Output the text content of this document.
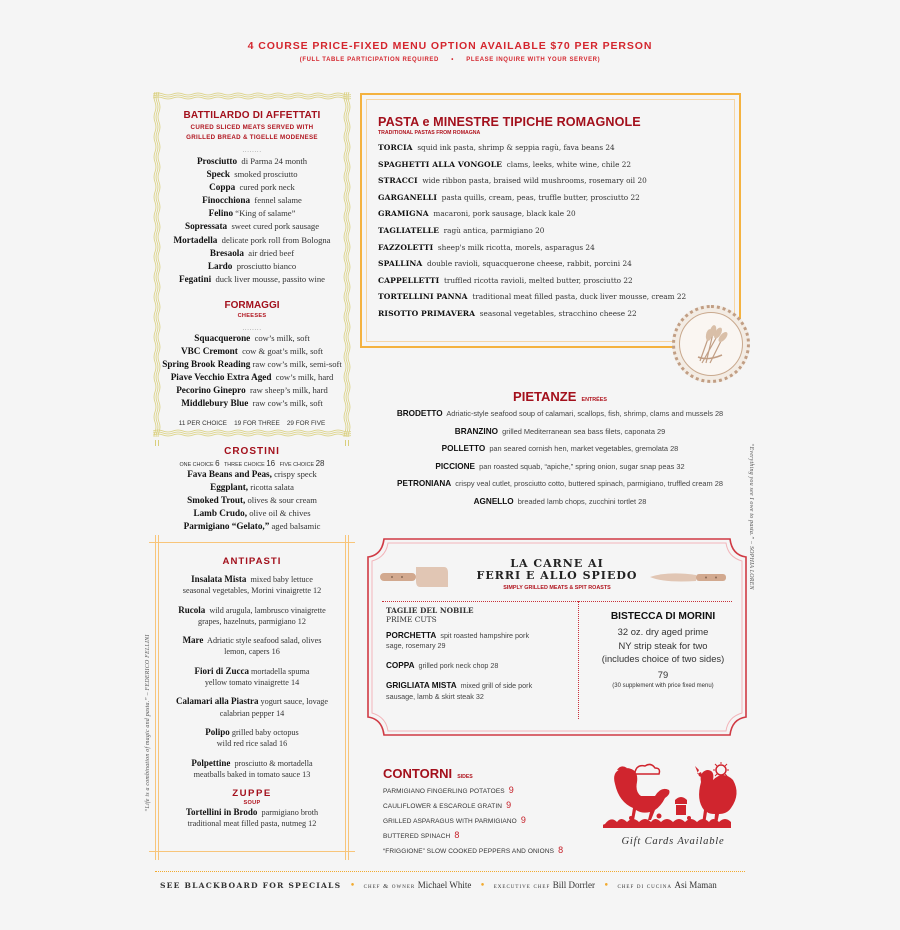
4 COURSE PRICE-FIXED MENU OPTION AVAILABLE $70 PER PERSON
(FULL TABLE PARTICIPATION REQUIRED • PLEASE INQUIRE WITH YOUR SERVER)
BATTILARDO DI AFFETTATI
CURED SLICED MEATS SERVED WITH
GRILLED BREAD & TIGELLE MODENESE
........
Prosciutto di Parma 24 month
Speck smoked prosciutto
Coppa cured pork neck
Finocchiona fennel salame
Felino “King of salame”
Sopressata sweet cured pork sausage
Mortadella delicate pork roll from Bologna
Bresaola air dried beef
Lardo prosciutto bianco
Fegatini duck liver mousse, passito wine
FORMAGGI
CHEESES
........
Squacquerone cow’s milk, soft
VBC Cremont cow & goat’s milk, soft
Spring Brook Reading raw cow’s milk, semi-soft
Piave Vecchio Extra Aged cow’s milk, hard
Pecorino Ginepro raw sheep’s milk, hard
Middlebury Blue raw cow’s milk, soft
11 PER CHOICE 19 FOR THREE 29 FOR FIVE
CROSTINI
ONE CHOICE 6 THREE CHOICE 16 FIVE CHOICE 28
Fava Beans and Peas, crispy speck
Eggplant, ricotta salata
Smoked Trout, olives & sour cream
Lamb Crudo, olive oil & chives
Parmigiano “Gelato,” aged balsamic
PASTA e MINESTRE TIPICHE ROMAGNOLE
TRADITIONAL PASTAS FROM ROMAGNA
TORCIA squid ink pasta, shrimp & seppia ragù, fava beans 24
SPAGHETTI ALLA VONGOLE clams, leeks, white wine, chile 22
STRACCI wide ribbon pasta, braised wild mushrooms, rosemary oil 20
GARGANELLI pasta quills, cream, peas, truffle butter, prosciutto 22
GRAMIGNA macaroni, pork sausage, black kale 20
TAGLIATELLE ragù antica, parmigiano 20
FAZZOLETTI sheep's milk ricotta, morels, asparagus 24
SPALLINA double ravioli, squacquerone cheese, rabbit, porcini 24
CAPPELLETTI truffled ricotta ravioli, melted butter, prosciutto 22
TORTELLINI PANNA traditional meat filled pasta, duck liver mousse, cream 22
RISOTTO PRIMAVERA seasonal vegetables, stracchino cheese 22
PIETANZE ENTRÉES
BRODETTO Adriatic-style seafood soup of calamari, scallops, fish, shrimp, clams and mussels 28
BRANZINO grilled Mediterranean sea bass filets, caponata 29
POLLETTO pan seared cornish hen, market vegetables, gremolata 28
PICCIONE pan roasted squab, “apiche,” spring onion, sugar snap peas 32
PETRONIANA crispy veal cutlet, prosciutto cotto, buttered spinach, parmigiano, truffled cream 28
AGNELLO breaded lamb chops, zucchini tortlet 28
ANTIPASTI
Insalata Mista mixed baby lettuce
seasonal vegetables, Morini vinaigrette 12
Rucola wild arugula, lambrusco vinaigrette
grapes, hazelnuts, parmigiano 12
Mare Adriatic style seafood salad, olives
lemon, capers 16
Fiori di Zucca mortadella spuma
yellow tomato vinaigrette 14
Calamari alla Piastra yogurt sauce, lovage
calabrian pepper 14
Polipo grilled baby octopus
wild red rice salad 16
Polpettine prosciutto & mortadella
meatballs baked in tomato sauce 13
ZUPPE
SOUP
Tortellini in Brodo parmigiano broth
traditional meat filled pasta, nutmeg 12
LA CARNE AI
FERRI E ALLO SPIEDO
SIMPLY GRILLED MEATS & SPIT ROASTS
TAGLIE DEL NOBILE
PRIME CUTS
PORCHETTA spit roasted hampshire pork
sage, rosemary 29
COPPA grilled pork neck chop 28
GRIGLIATA MISTA mixed grill of side pork
sausage, lamb & skirt steak 32
BISTECCA DI MORINI
32 oz. dry aged prime
NY strip steak for two
(includes choice of two sides)
79
(30 supplement with price fixed menu)
CONTORNI SIDES
PARMIGIANO FINGERLING POTATOES 9
CAULIFLOWER & ESCAROLE GRATIN 9
GRILLED ASPARAGUS WITH PARMIGIANO 9
BUTTERED SPINACH 8
“FRIGGIONE” SLOW COOKED PEPPERS AND ONIONS 8
Gift Cards Available
“Life is a combination of magic and pasta.” – FEDERICO FELLINI
“Everything you see I owe to pasta.” – SOPHIA LOREN
SEE BLACKBOARD FOR SPECIALS • chef & owner Michael White • executive chef Bill Dorrler • chef di cucina Asi Maman
